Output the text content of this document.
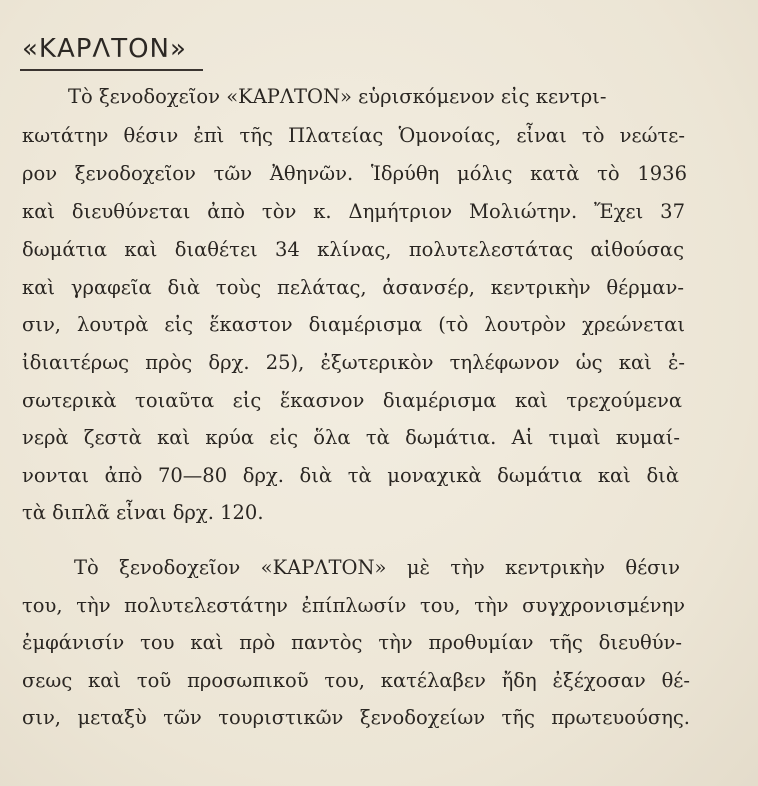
«ΚΑΡΛΤΟΝ»
Τὸ ξενοδοχεῖον «ΚΑΡΛΤΟΝ» εὑρισκόμενον εἰς κεντρι-
κωτάτην θέσιν ἐπὶ τῆς Πλατείας Ὁμονοίας, εἶναι τὸ νεώτε-
ρον ξενοδοχεῖον τῶν Ἀθηνῶν. Ἱδρύθη μόλις κατὰ τὸ 1936
καὶ διευθύνεται ἀπὸ τὸν κ. Δημήτριον Μολιώτην. Ἔχει 37
δωμάτια καὶ διαθέτει 34 κλίνας, πολυτελεστάτας αἰθούσας
καὶ γραφεῖα διὰ τοὺς πελάτας, ἀσανσέρ, κεντρικὴν θέρμαν-
σιν, λουτρὰ εἰς ἕκαστον διαμέρισμα (τὸ λουτρὸν χρεώνεται
ἰδιαιτέρως πρὸς δρχ. 25), ἐξωτερικὸν τηλέφωνον ὡς καὶ ἐ-
σωτερικὰ τοιαῦτα εἰς ἕκασνον διαμέρισμα καὶ τρεχούμενα
νερὰ ζεστὰ καὶ κρύα εἰς ὅλα τὰ δωμάτια. Αἱ τιμαὶ κυμαί-
νονται ἀπὸ 70—80 δρχ. διὰ τὰ μοναχικὰ δωμάτια καὶ διὰ
τὰ διπλᾶ εἶναι δρχ. 120.
Τὸ ξενοδοχεῖον «ΚΑΡΛΤΟΝ» μὲ τὴν κεντρικὴν θέσιν
του, τὴν πολυτελεστάτην ἐπίπλωσίν του, τὴν συγχρονισμένην
ἐμφάνισίν του καὶ πρὸ παντὸς τὴν προθυμίαν τῆς διευθύν-
σεως καὶ τοῦ προσωπικοῦ του, κατέλαβεν ἤδη ἐξέχοσαν θέ-
σιν, μεταξὺ τῶν τουριστικῶν ξενοδοχείων τῆς πρωτευούσης.
